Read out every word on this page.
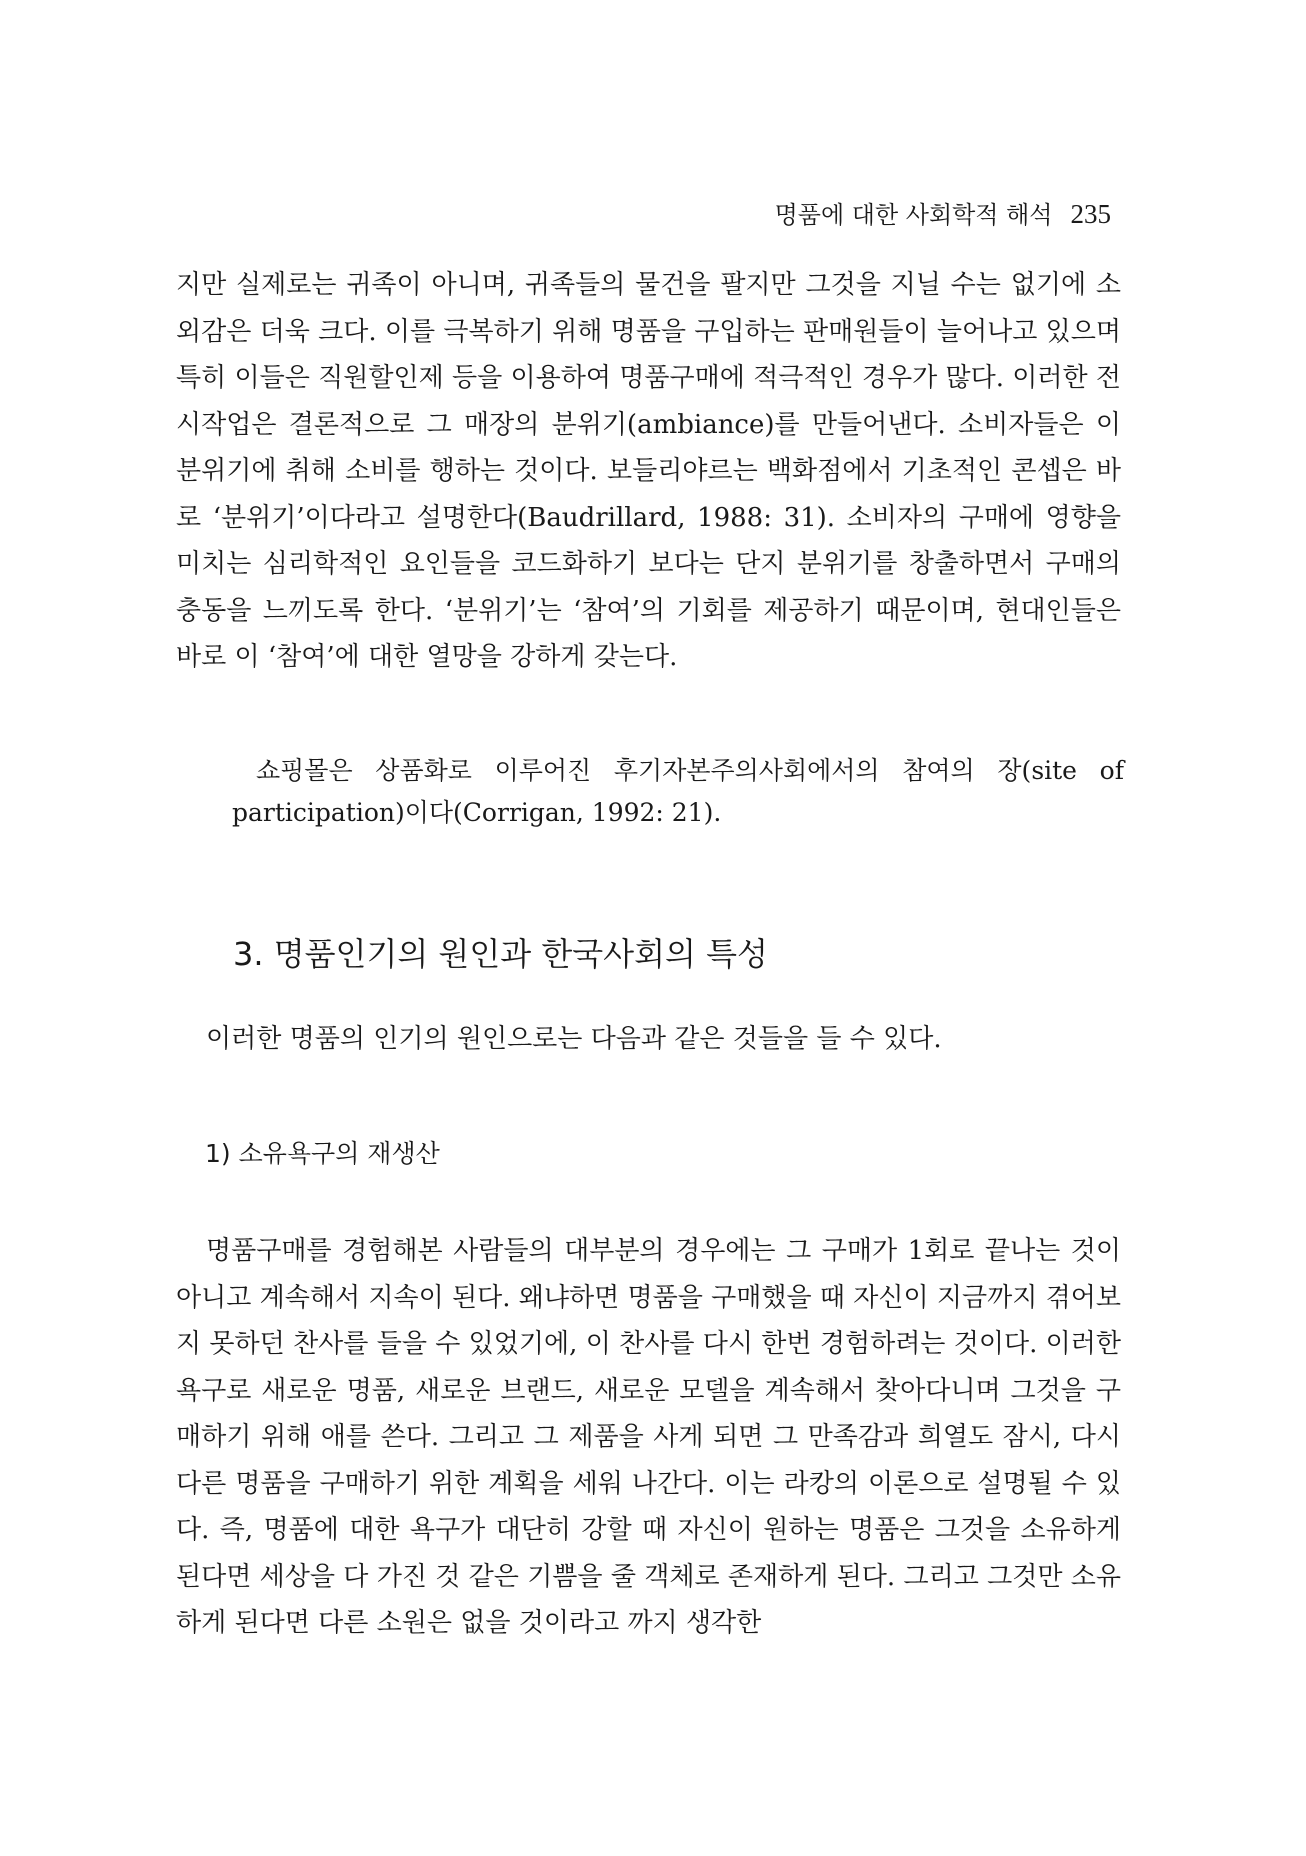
명품에 대한 사회학적 해석 235

지만 실제로는 귀족이 아니며, 귀족들의 물건을 팔지만 그것을 지닐 수는 없기에 소외감은 더욱 크다. 이를 극복하기 위해 명품을 구입하는 판매원들이 늘어나고 있으며 특히 이들은 직원할인제 등을 이용하여 명품구매에 적극적인 경우가 많다. 이러한 전시작업은 결론적으로 그 매장의 분위기(ambiance)를 만들어낸다. 소비자들은 이 분위기에 취해 소비를 행하는 것이다. 보들리야르는 백화점에서 기초적인 콘셉은 바로 ‘분위기’이다라고 설명한다(Baudrillard, 1988: 31). 소비자의 구매에 영향을 미치는 심리학적인 요인들을 코드화하기 보다는 단지 분위기를 창출하면서 구매의 충동을 느끼도록 한다. ‘분위기’는 ‘참여’의 기회를 제공하기 때문이며, 현대인들은 바로 이 ‘참여’에 대한 열망을 강하게 갖는다.

쇼핑몰은 상품화로 이루어진 후기자본주의사회에서의 참여의 장(site of participation)이다(Corrigan, 1992: 21).

3. 명품인기의 원인과 한국사회의 특성

이러한 명품의 인기의 원인으로는 다음과 같은 것들을 들 수 있다.

1) 소유욕구의 재생산

명품구매를 경험해본 사람들의 대부분의 경우에는 그 구매가 1회로 끝나는 것이 아니고 계속해서 지속이 된다. 왜냐하면 명품을 구매했을 때 자신이 지금까지 겪어보지 못하던 찬사를 들을 수 있었기에, 이 찬사를 다시 한번 경험하려는 것이다. 이러한 욕구로 새로운 명품, 새로운 브랜드, 새로운 모델을 계속해서 찾아다니며 그것을 구매하기 위해 애를 쓴다. 그리고 그 제품을 사게 되면 그 만족감과 희열도 잠시, 다시 다른 명품을 구매하기 위한 계획을 세워 나간다. 이는 라캉의 이론으로 설명될 수 있다. 즉, 명품에 대한 욕구가 대단히 강할 때 자신이 원하는 명품은 그것을 소유하게 된다면 세상을 다 가진 것 같은 기쁨을 줄 객체로 존재하게 된다. 그리고 그것만 소유하게 된다면 다른 소원은 없을 것이라고 까지 생각한
